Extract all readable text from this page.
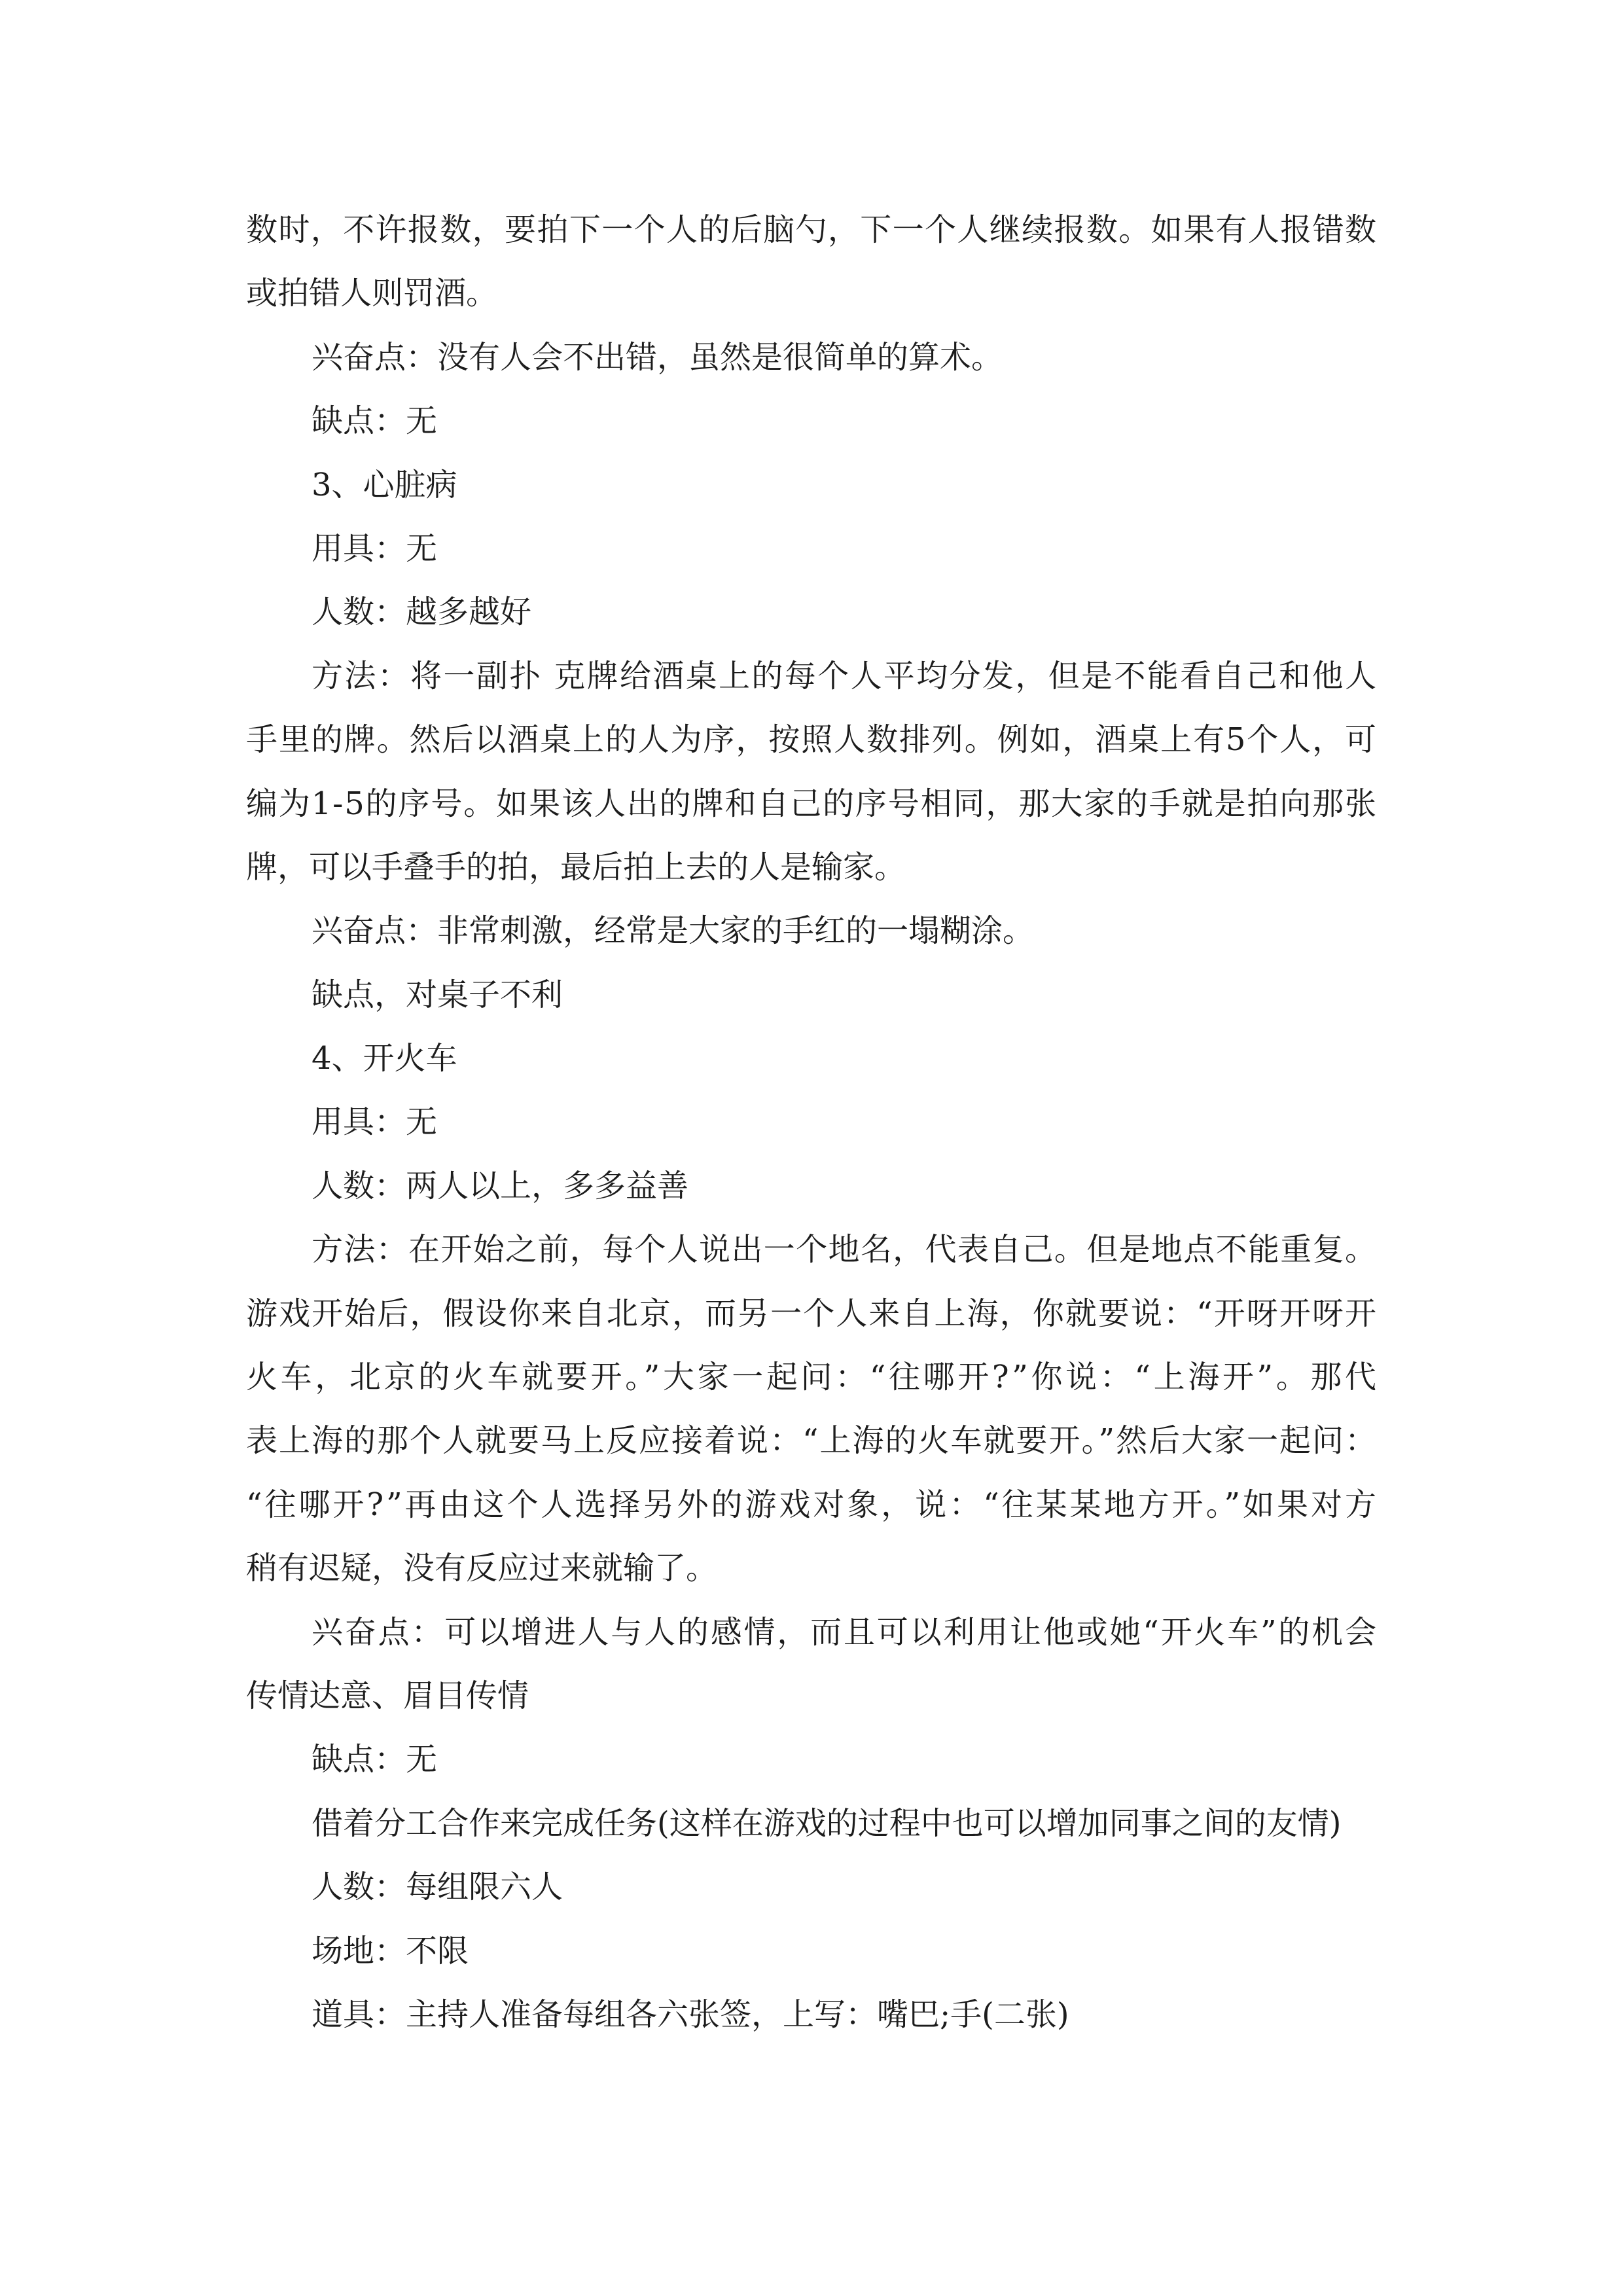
数时，不许报数，要拍下一个人的后脑勺，下一个人继续报数。如果有人报错数
或拍错人则罚酒。
兴奋点：没有人会不出错，虽然是很简单的算术。
缺点：无
3、心脏病
用具：无
人数：越多越好
方法：将一副扑 克牌给酒桌上的每个人平均分发，但是不能看自己和他人
手里的牌。然后以酒桌上的人为序，按照人数排列。例如，酒桌上有5个人，可
编为1-5的序号。如果该人出的牌和自己的序号相同，那大家的手就是拍向那张
牌，可以手叠手的拍，最后拍上去的人是输家。
兴奋点：非常刺激，经常是大家的手红的一塌糊涂。
缺点，对桌子不利
4、开火车
用具：无
人数：两人以上，多多益善
方法：在开始之前，每个人说出一个地名，代表自己。但是地点不能重复。
游戏开始后，假设你来自北京，而另一个人来自上海，你就要说：“开呀开呀开
火车，北京的火车就要开。”大家一起问：“往哪开?”你说：“上海开”。那代
表上海的那个人就要马上反应接着说：“上海的火车就要开。”然后大家一起问：
“往哪开?”再由这个人选择另外的游戏对象，说：“往某某地方开。”如果对方
稍有迟疑，没有反应过来就输了。
兴奋点：可以增进人与人的感情，而且可以利用让他或她“开火车”的机会
传情达意、眉目传情
缺点：无
借着分工合作来完成任务(这样在游戏的过程中也可以增加同事之间的友情)
人数：每组限六人
场地：不限
道具：主持人准备每组各六张签，上写：嘴巴;手(二张)
